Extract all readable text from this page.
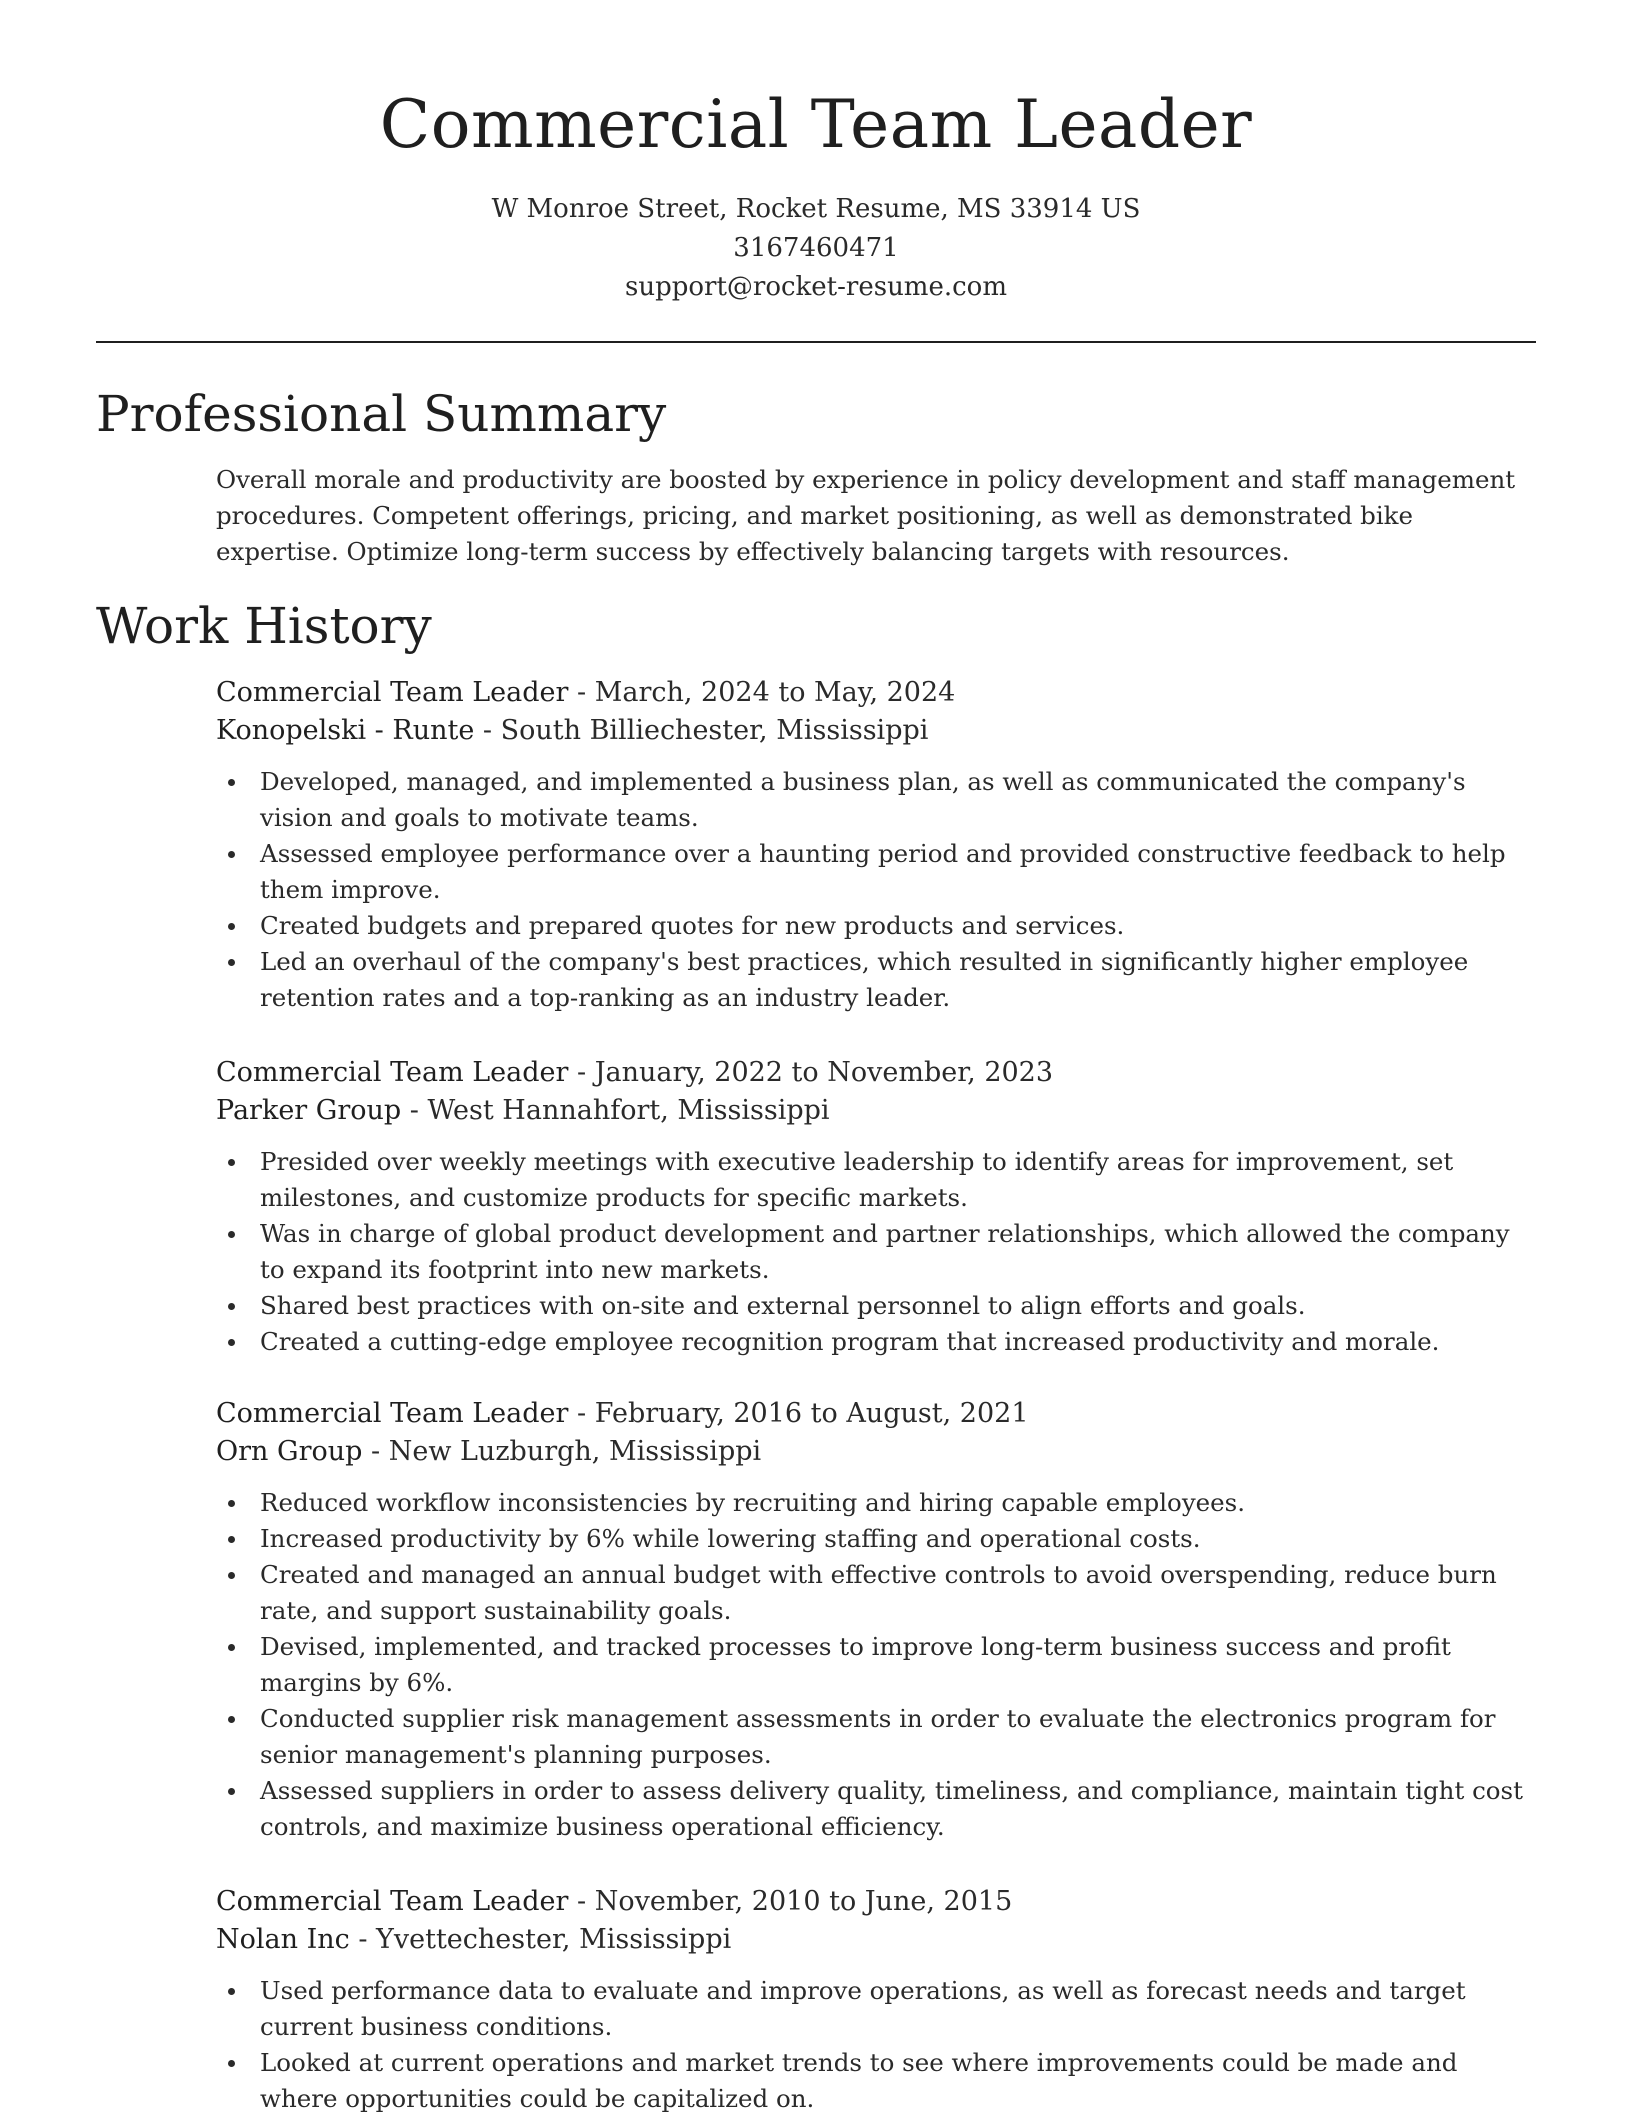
Commercial Team Leader
W Monroe Street, Rocket Resume, MS 33914 US
3167460471
support@rocket-resume.com
Professional Summary

Overall morale and productivity are boosted by experience in policy development and staff management procedures. Competent offerings, pricing, and market positioning, as well as demonstrated bike expertise. Optimize long-term success by effectively balancing targets with resources.

Work History
Commercial Team Leader - March, 2024 to May, 2024
Konopelski - Runte - South Billiechester, Mississippi
Developed, managed, and implemented a business plan, as well as communicated the company's vision and goals to motivate teams.
Assessed employee performance over a haunting period and provided constructive feedback to help them improve.
Created budgets and prepared quotes for new products and services.
Led an overhaul of the company's best practices, which resulted in significantly higher employee retention rates and a top-ranking as an industry leader.
Commercial Team Leader - January, 2022 to November, 2023
Parker Group - West Hannahfort, Mississippi
Presided over weekly meetings with executive leadership to identify areas for improvement, set milestones, and customize products for specific markets.
Was in charge of global product development and partner relationships, which allowed the company to expand its footprint into new markets.
Shared best practices with on-site and external personnel to align efforts and goals.
Created a cutting-edge employee recognition program that increased productivity and morale.
Commercial Team Leader - February, 2016 to August, 2021
Orn Group - New Luzburgh, Mississippi
Reduced workflow inconsistencies by recruiting and hiring capable employees.
Increased productivity by 6% while lowering staffing and operational costs.
Created and managed an annual budget with effective controls to avoid overspending, reduce burn rate, and support sustainability goals.
Devised, implemented, and tracked processes to improve long-term business success and profit margins by 6%.
Conducted supplier risk management assessments in order to evaluate the electronics program for senior management's planning purposes.
Assessed suppliers in order to assess delivery quality, timeliness, and compliance, maintain tight cost controls, and maximize business operational efficiency.
Commercial Team Leader - November, 2010 to June, 2015
Nolan Inc - Yvettechester, Mississippi
Used performance data to evaluate and improve operations, as well as forecast needs and target current business conditions.
Looked at current operations and market trends to see where improvements could be made and where opportunities could be capitalized on.
